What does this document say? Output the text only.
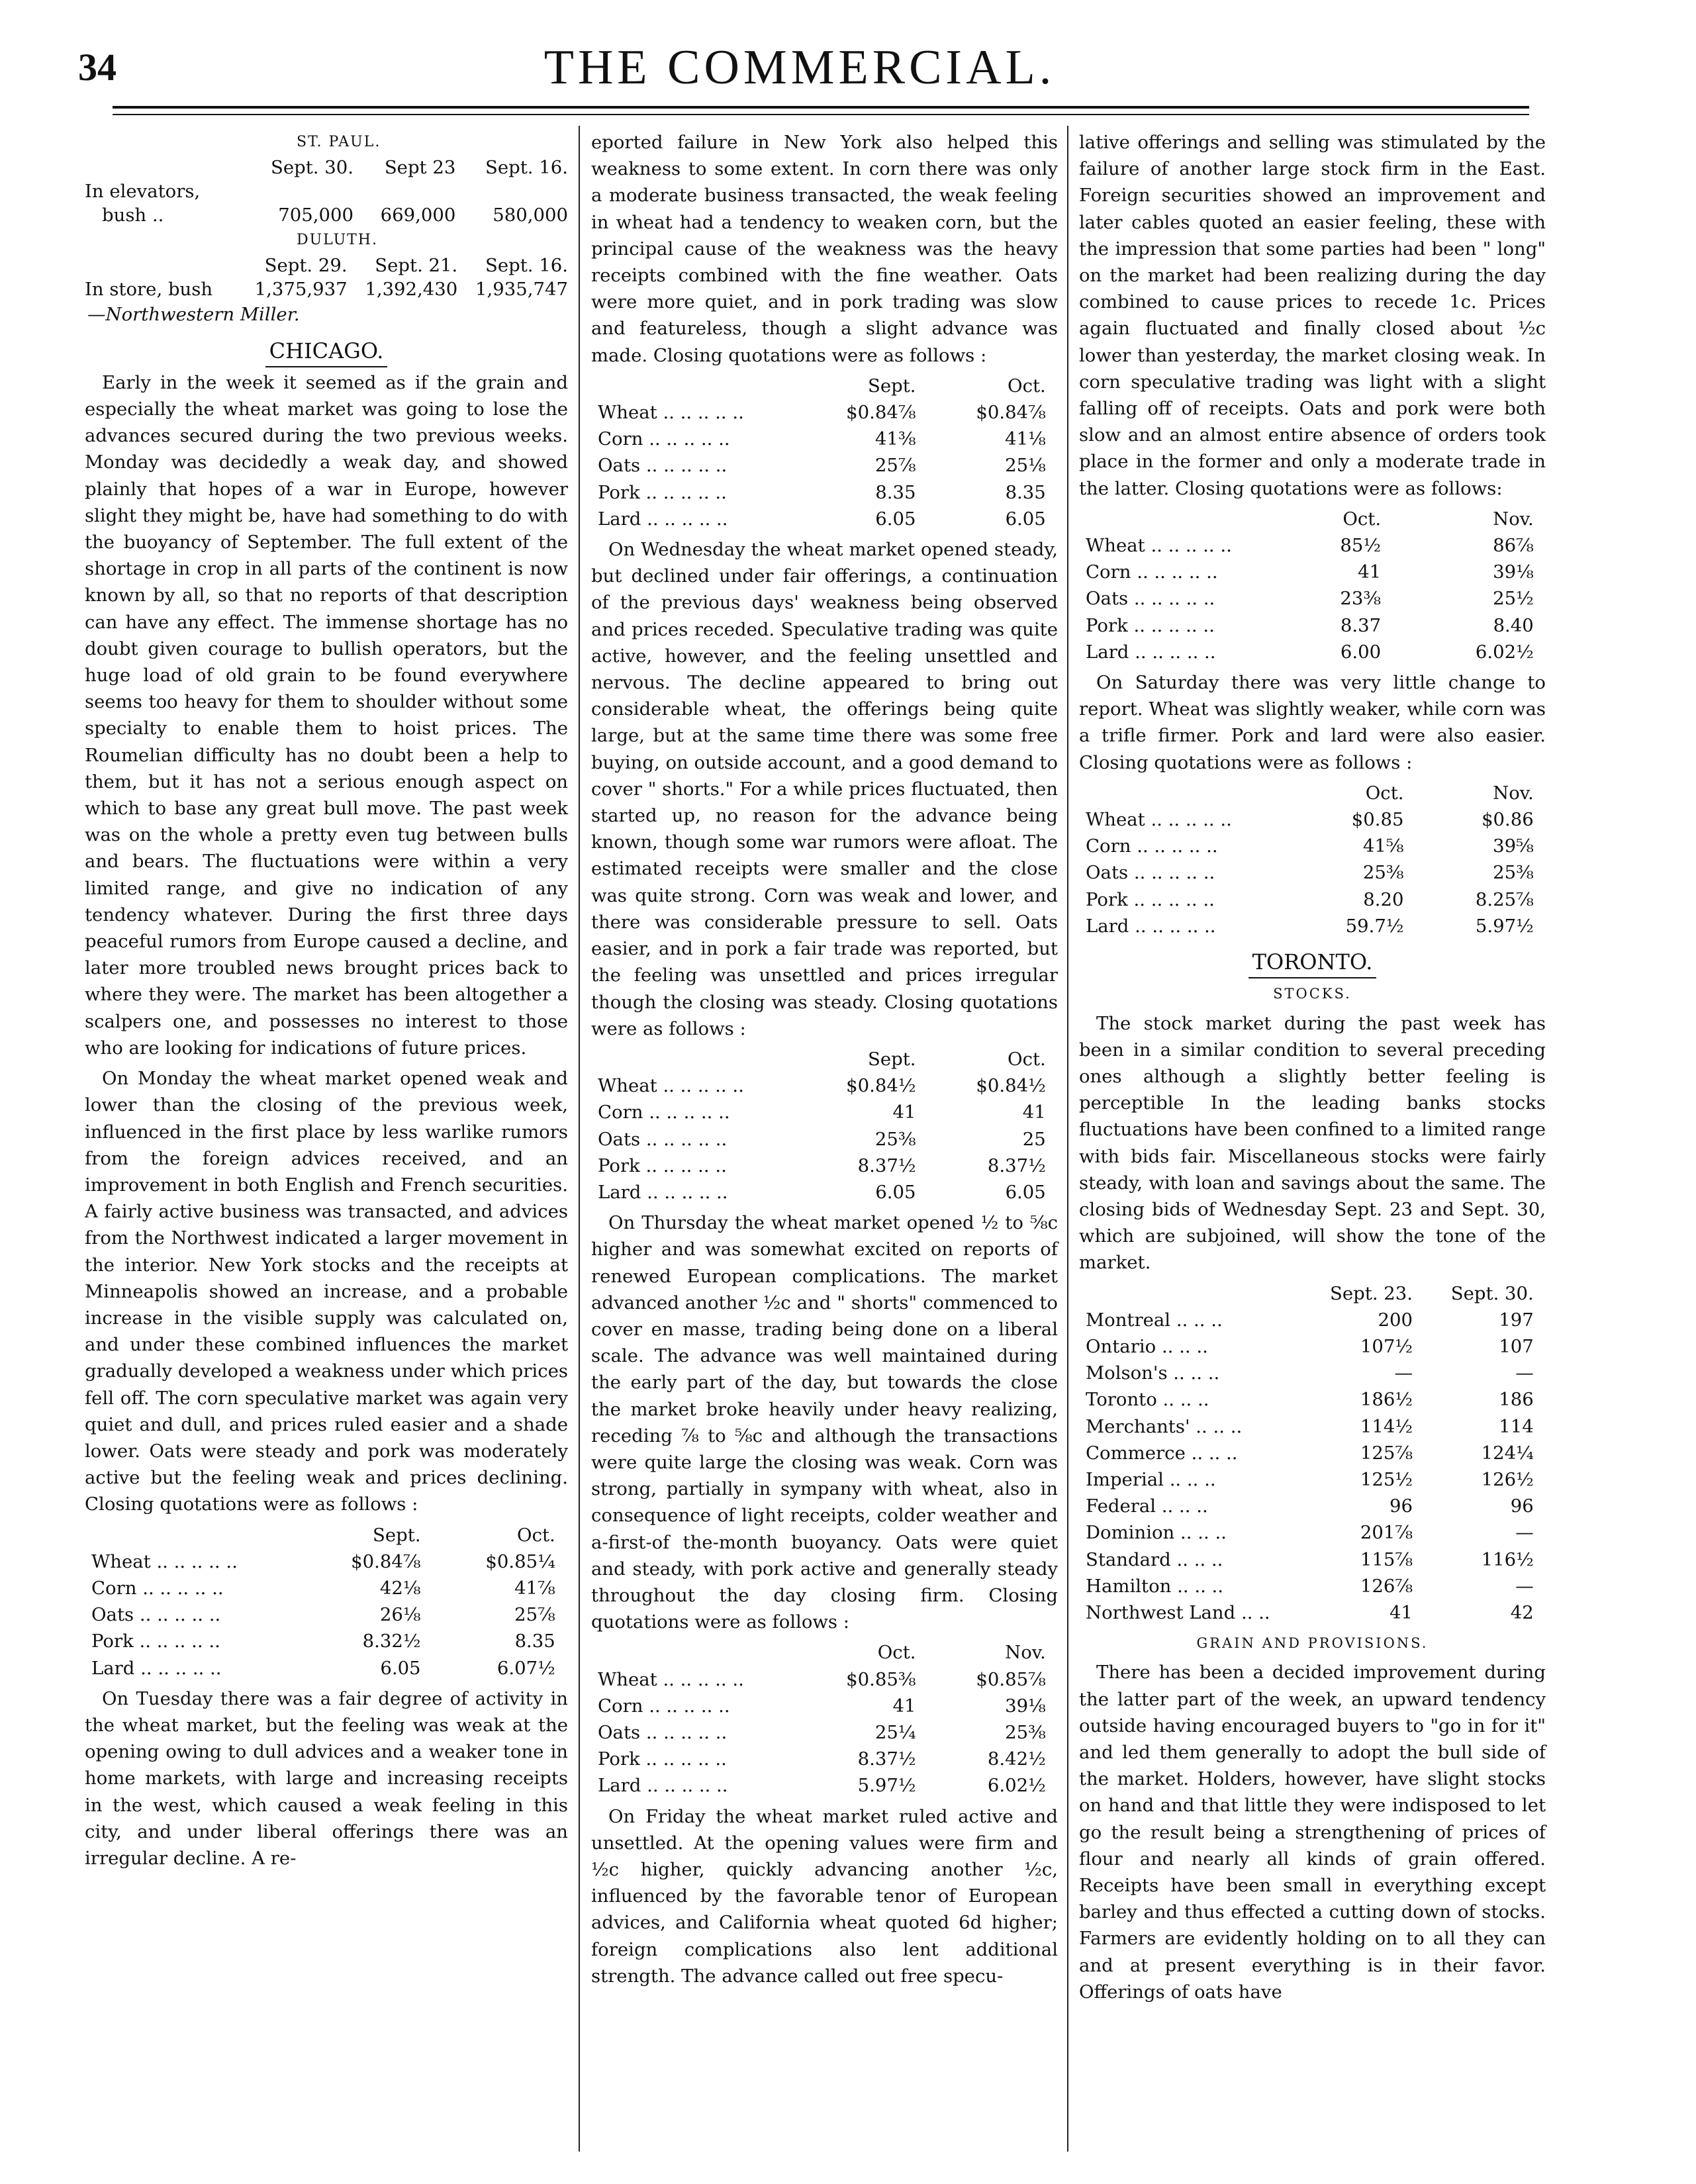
34	THE COMMERCIAL.
ST. PAUL.
	Sept. 30.	Sept 23	Sept. 16.
In elevators,			
bush ..	705,000	669,000	580,000
DULUTH.
	Sept. 29.	Sept. 21.	Sept. 16.
In store, bush	1,375,937	1,392,430	1,935,747
—Northwestern Miller.
CHICAGO.

Early in the week it seemed as if the grain and especially the wheat market was going to lose the advances secured during the two previous weeks. Monday was decidedly a weak day, and showed plainly that hopes of a war in Europe, however slight they might be, have had something to do with the buoyancy of September. The full extent of the shortage in crop in all parts of the continent is now known by all, so that no reports of that description can have any effect. The immense shortage has no doubt given courage to bullish operators, but the huge load of old grain to be found everywhere seems too heavy for them to shoulder without some specialty to enable them to hoist prices. The Roumelian difficulty has no doubt been a help to them, but it has not a serious enough aspect on which to base any great bull move. The past week was on the whole a pretty even tug between bulls and bears. The fluctuations were within a very limited range, and give no indication of any tendency whatever. During the first three days peaceful rumors from Europe caused a decline, and later more troubled news brought prices back to where they were. The market has been altogether a scalpers one, and possesses no interest to those who are looking for indications of future prices.

On Monday the wheat market opened weak and lower than the closing of the previous week, influenced in the first place by less warlike rumors from the foreign advices received, and an improvement in both English and French securities. A fairly active business was transacted, and advices from the Northwest indicated a larger movement in the interior. New York stocks and the receipts at Minneapolis showed an increase, and a probable increase in the visible supply was calculated on, and under these combined influences the market gradually developed a weakness under which prices fell off. The corn speculative market was again very quiet and dull, and prices ruled easier and a shade lower. Oats were steady and pork was moderately active but the feeling weak and prices declining. Closing quotations were as follows :

	Sept.	Oct.
Wheat .. .. .. .. ..	$0.84⅞	$0.85¼
Corn .. .. .. .. ..	42⅛	41⅞
Oats .. .. .. .. ..	26⅛	25⅞
Pork .. .. .. .. ..	8.32½	8.35
Lard .. .. .. .. ..	6.05	6.07½

On Tuesday there was a fair degree of activity in the wheat market, but the feeling was weak at the opening owing to dull advices and a weaker tone in home markets, with large and increasing receipts in the west, which caused a weak feeling in this city, and under liberal offerings there was an irregular decline. A re-

eported failure in New York also helped this weakness to some extent. In corn there was only a moderate business transacted, the weak feeling in wheat had a tendency to weaken corn, but the principal cause of the weakness was the heavy receipts combined with the fine weather. Oats were more quiet, and in pork trading was slow and featureless, though a slight advance was made. Closing quotations were as follows :

	Sept.	Oct.
Wheat .. .. .. .. ..	$0.84⅞	$0.84⅞
Corn .. .. .. .. ..	41⅜	41⅛
Oats .. .. .. .. ..	25⅞	25⅛
Pork .. .. .. .. ..	8.35	8.35
Lard .. .. .. .. ..	6.05	6.05

On Wednesday the wheat market opened steady, but declined under fair offerings, a continuation of the previous days' weakness being observed and prices receded. Speculative trading was quite active, however, and the feeling unsettled and nervous. The decline appeared to bring out considerable wheat, the offerings being quite large, but at the same time there was some free buying, on outside account, and a good demand to cover " shorts." For a while prices fluctuated, then started up, no reason for the advance being known, though some war rumors were afloat. The estimated receipts were smaller and the close was quite strong. Corn was weak and lower, and there was considerable pressure to sell. Oats easier, and in pork a fair trade was reported, but the feeling was unsettled and prices irregular though the closing was steady. Closing quotations were as follows :

	Sept.	Oct.
Wheat .. .. .. .. ..	$0.84½	$0.84½
Corn .. .. .. .. ..	41	41
Oats .. .. .. .. ..	25⅜	25
Pork .. .. .. .. ..	8.37½	8.37½
Lard .. .. .. .. ..	6.05	6.05

On Thursday the wheat market opened ½ to ⅝c higher and was somewhat excited on reports of renewed European complications. The market advanced another ½c and " shorts" commenced to cover en masse, trading being done on a liberal scale. The advance was well maintained during the early part of the day, but towards the close the market broke heavily under heavy realizing, receding ⅞ to ⅝c and although the transactions were quite large the closing was weak. Corn was strong, partially in sympany with wheat, also in consequence of light receipts, colder weather and a-first-of the-month buoyancy. Oats were quiet and steady, with pork active and generally steady throughout the day closing firm. Closing quotations were as follows :

	Oct.	Nov.
Wheat .. .. .. .. ..	$0.85⅜	$0.85⅞
Corn .. .. .. .. ..	41	39⅛
Oats .. .. .. .. ..	25¼	25⅜
Pork .. .. .. .. ..	8.37½	8.42½
Lard .. .. .. .. ..	5.97½	6.02½

On Friday the wheat market ruled active and unsettled. At the opening values were firm and ½c higher, quickly advancing another ½c, influenced by the favorable tenor of European advices, and California wheat quoted 6d higher; foreign complications also lent additional strength. The advance called out free specu-

lative offerings and selling was stimulated by the failure of another large stock firm in the East. Foreign securities showed an improvement and later cables quoted an easier feeling, these with the impression that some parties had been " long" on the market had been realizing during the day combined to cause prices to recede 1c. Prices again fluctuated and finally closed about ½c lower than yesterday, the market closing weak. In corn speculative trading was light with a slight falling off of receipts. Oats and pork were both slow and an almost entire absence of orders took place in the former and only a moderate trade in the latter. Closing quotations were as follows:

	Oct.	Nov.
Wheat .. .. .. .. ..	85½	86⅞
Corn .. .. .. .. ..	41	39⅛
Oats .. .. .. .. ..	23⅜	25½
Pork .. .. .. .. ..	8.37	8.40
Lard .. .. .. .. ..	6.00	6.02½

On Saturday there was very little change to report. Wheat was slightly weaker, while corn was a trifle firmer. Pork and lard were also easier. Closing quotations were as follows :

	Oct.	Nov.
Wheat .. .. .. .. ..	$0.85	$0.86
Corn .. .. .. .. ..	41⅝	39⅝
Oats .. .. .. .. ..	25⅜	25⅜
Pork .. .. .. .. ..	8.20	8.25⅞
Lard .. .. .. .. ..	59.7½	5.97½
TORONTO.
STOCKS.

The stock market during the past week has been in a similar condition to several preceding ones although a slightly better feeling is perceptible In the leading banks stocks fluctuations have been confined to a limited range with bids fair. Miscellaneous stocks were fairly steady, with loan and savings about the same. The closing bids of Wednesday Sept. 23 and Sept. 30, which are subjoined, will show the tone of the market.

	Sept. 23.	Sept. 30.
Montreal .. .. ..	200	197
Ontario .. .. ..	107½	107
Molson's .. .. ..	—	—
Toronto .. .. ..	186½	186
Merchants' .. .. ..	114½	114
Commerce .. .. ..	125⅞	124¼
Imperial .. .. ..	125½	126½
Federal .. .. ..	96	96
Dominion .. .. ..	201⅞	—
Standard .. .. ..	115⅞	116½
Hamilton .. .. ..	126⅞	—
Northwest Land .. ..	41	42
GRAIN AND PROVISIONS.

There has been a decided improvement during the latter part of the week, an upward tendency outside having encouraged buyers to "go in for it" and led them generally to adopt the bull side of the market. Holders, however, have slight stocks on hand and that little they were indisposed to let go the result being a strengthening of prices of flour and nearly all kinds of grain offered. Receipts have been small in everything except barley and thus effected a cutting down of stocks. Farmers are evidently holding on to all they can and at present everything is in their favor. Offerings of oats have
